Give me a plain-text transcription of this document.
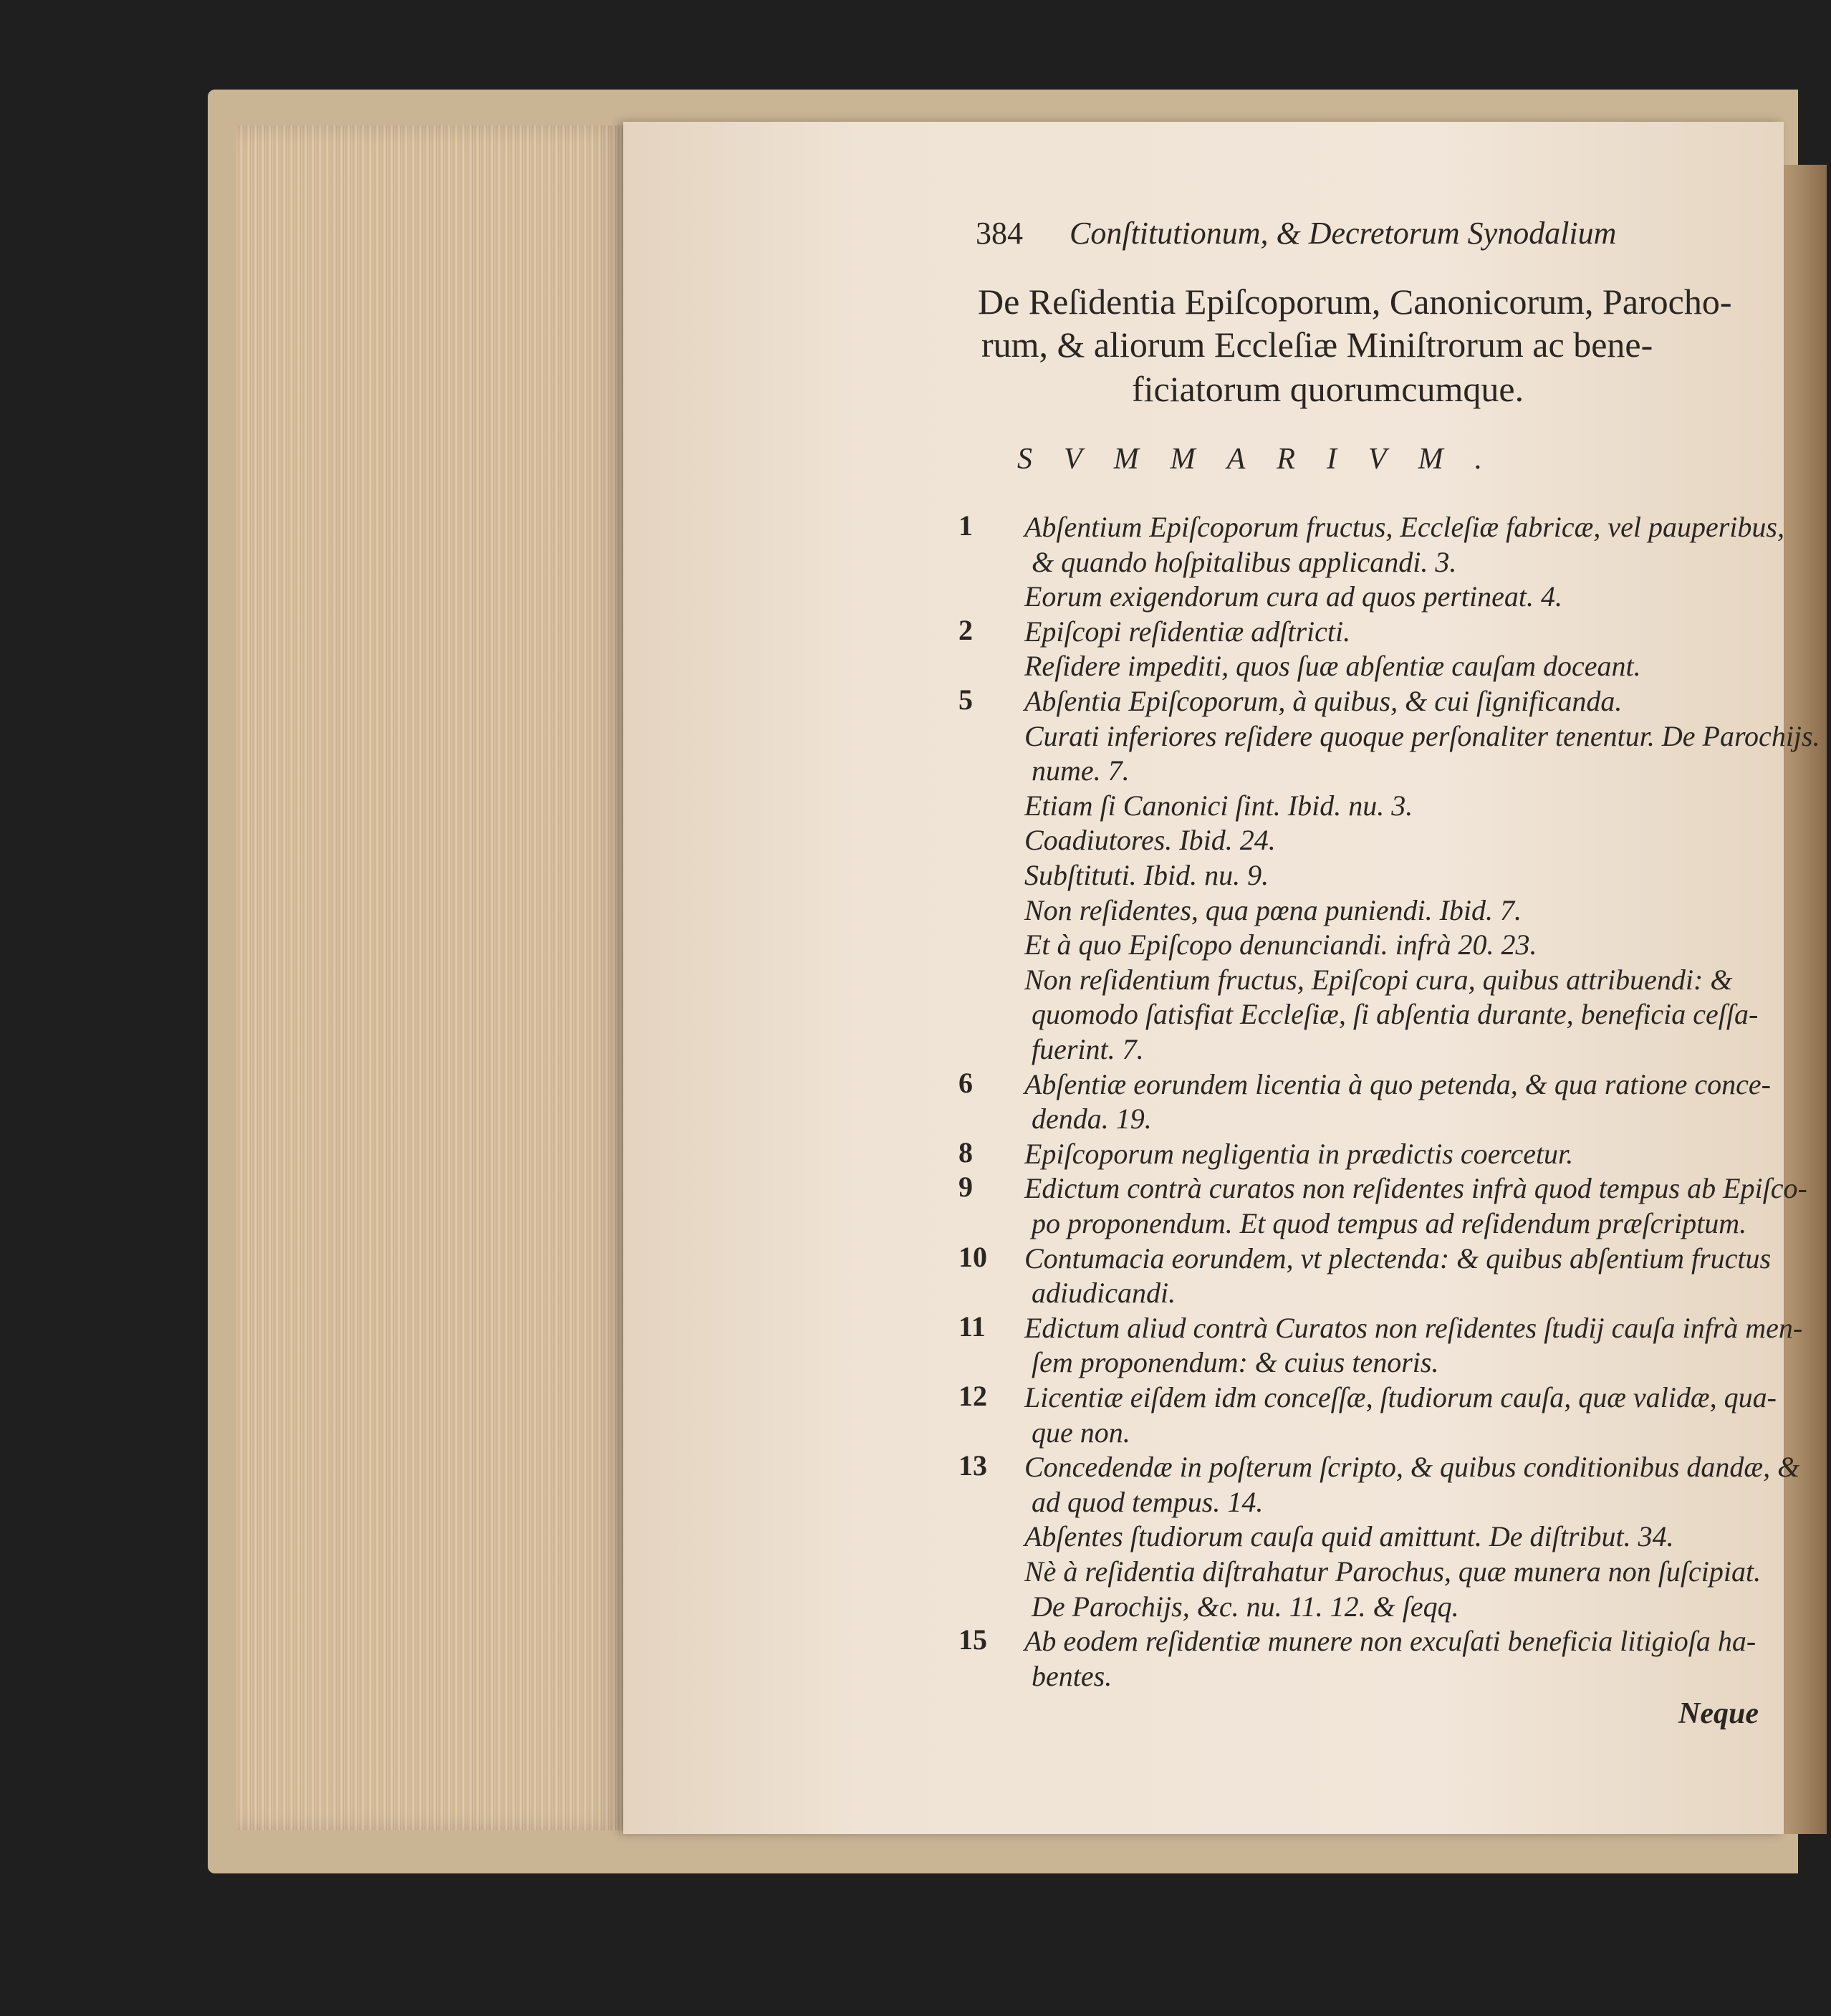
384 Conſtitutionum, & Decretorum Synodalium
De Reſidentia Epiſcoporum, Canonicorum, Parocho-
rum, & aliorum Eccleſiæ Miniſtrorum ac bene-
ficiatorum quorumcumque.
SVMMARIVM.
1 Abſentium Epiſcoporum fructus, Eccleſiæ fabricæ, vel pauperibus,
& quando hoſpitalibus applicandi. 3.
Eorum exigendorum cura ad quos pertineat. 4.
2 Epiſcopi reſidentiæ adſtricti.
Reſidere impediti, quos ſuæ abſentiæ cauſam doceant.
5 Abſentia Epiſcoporum, à quibus, & cui ſignificanda.
Curati inferiores reſidere quoque perſonaliter tenentur. De Parochijs.
nume. 7.
Etiam ſi Canonici ſint. Ibid. nu. 3.
Coadiutores. Ibid. 24.
Subſtituti. Ibid. nu. 9.
Non reſidentes, qua pœna puniendi. Ibid. 7.
Et à quo Epiſcopo denunciandi. infrà 20. 23.
Non reſidentium fructus, Epiſcopi cura, quibus attribuendi: &
quomodo ſatisfiat Eccleſiæ, ſi abſentia durante, beneficia ceſſa-
fuerint. 7.
6 Abſentiæ eorundem licentia à quo petenda, & qua ratione conce-
denda. 19.
8 Epiſcoporum negligentia in prædictis coercetur.
9 Edictum contrà curatos non reſidentes infrà quod tempus ab Epiſco-
po proponendum. Et quod tempus ad reſidendum præſcriptum.
10 Contumacia eorundem, vt plectenda: & quibus abſentium fructus
adiudicandi.
11 Edictum aliud contrà Curatos non reſidentes ſtudij cauſa infrà men-
ſem proponendum: & cuius tenoris.
12 Licentiæ eiſdem idm conceſſæ, ſtudiorum cauſa, quæ validæ, qua-
que non.
13 Concedendæ in poſterum ſcripto, & quibus conditionibus dandæ, &
ad quod tempus. 14.
Abſentes ſtudiorum cauſa quid amittunt. De diſtribut. 34.
Nè à reſidentia diſtrahatur Parochus, quæ munera non ſuſcipiat.
De Parochijs, &c. nu. 11. 12. & ſeqq.
15 Ab eodem reſidentiæ munere non excuſati beneficia litigioſa ha-
bentes.
Neque
